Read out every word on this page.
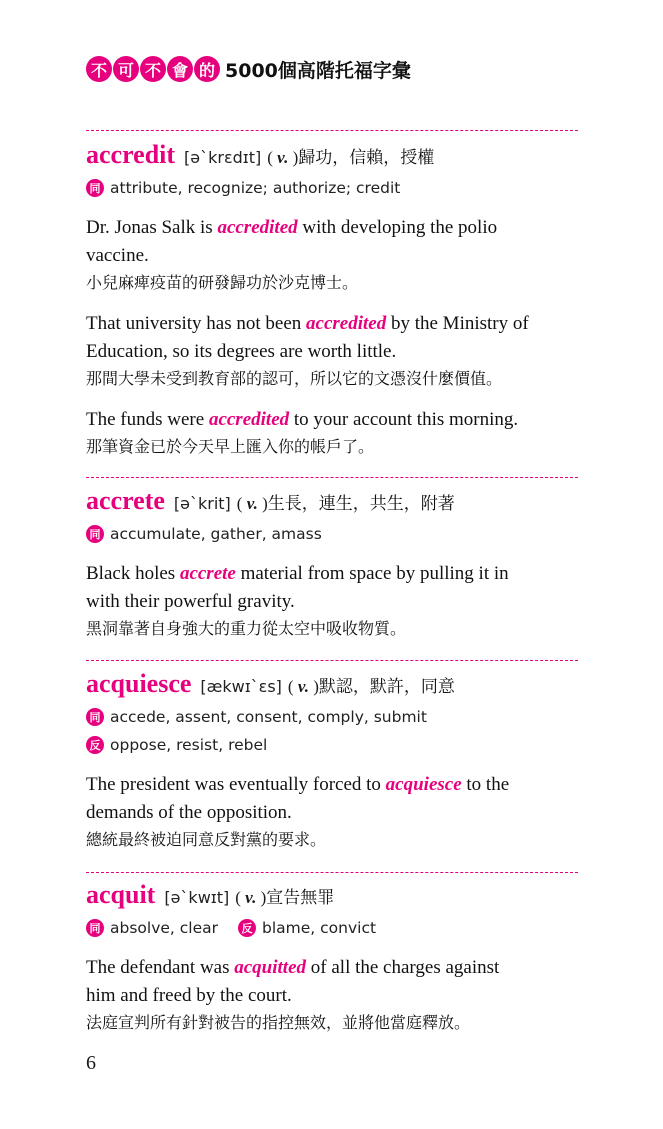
不 可 不 會 的 5000個高階托福字彙
accredit [ə`krɛdɪt] ( v. ) 歸功，信賴，授權
同 attribute, recognize; authorize; credit
Dr. Jonas Salk is accredited with developing the polio
vaccine.
小兒麻痺疫苗的研發歸功於沙克博士。
That university has not been accredited by the Ministry of
Education, so its degrees are worth little.
那間大學未受到教育部的認可，所以它的文憑沒什麼價值。
The funds were accredited to your account this morning.
那筆資金已於今天早上匯入你的帳戶了。
accrete [ə`krit] ( v. ) 生長，連生，共生，附著
同 accumulate, gather, amass
Black holes accrete material from space by pulling it in
with their powerful gravity.
黑洞靠著自身強大的重力從太空中吸收物質。
acquiesce [ækwɪ`ɛs] ( v. ) 默認，默許，同意
同 accede, assent, consent, comply, submit
反 oppose, resist, rebel
The president was eventually forced to acquiesce to the
demands of the opposition.
總統最終被迫同意反對黨的要求。
acquit [ə`kwɪt] ( v. ) 宣告無罪
同 absolve, clear	反 blame, convict
The defendant was acquitted of all the charges against
him and freed by the court.
法庭宣判所有針對被告的指控無效，並將他當庭釋放。
6
